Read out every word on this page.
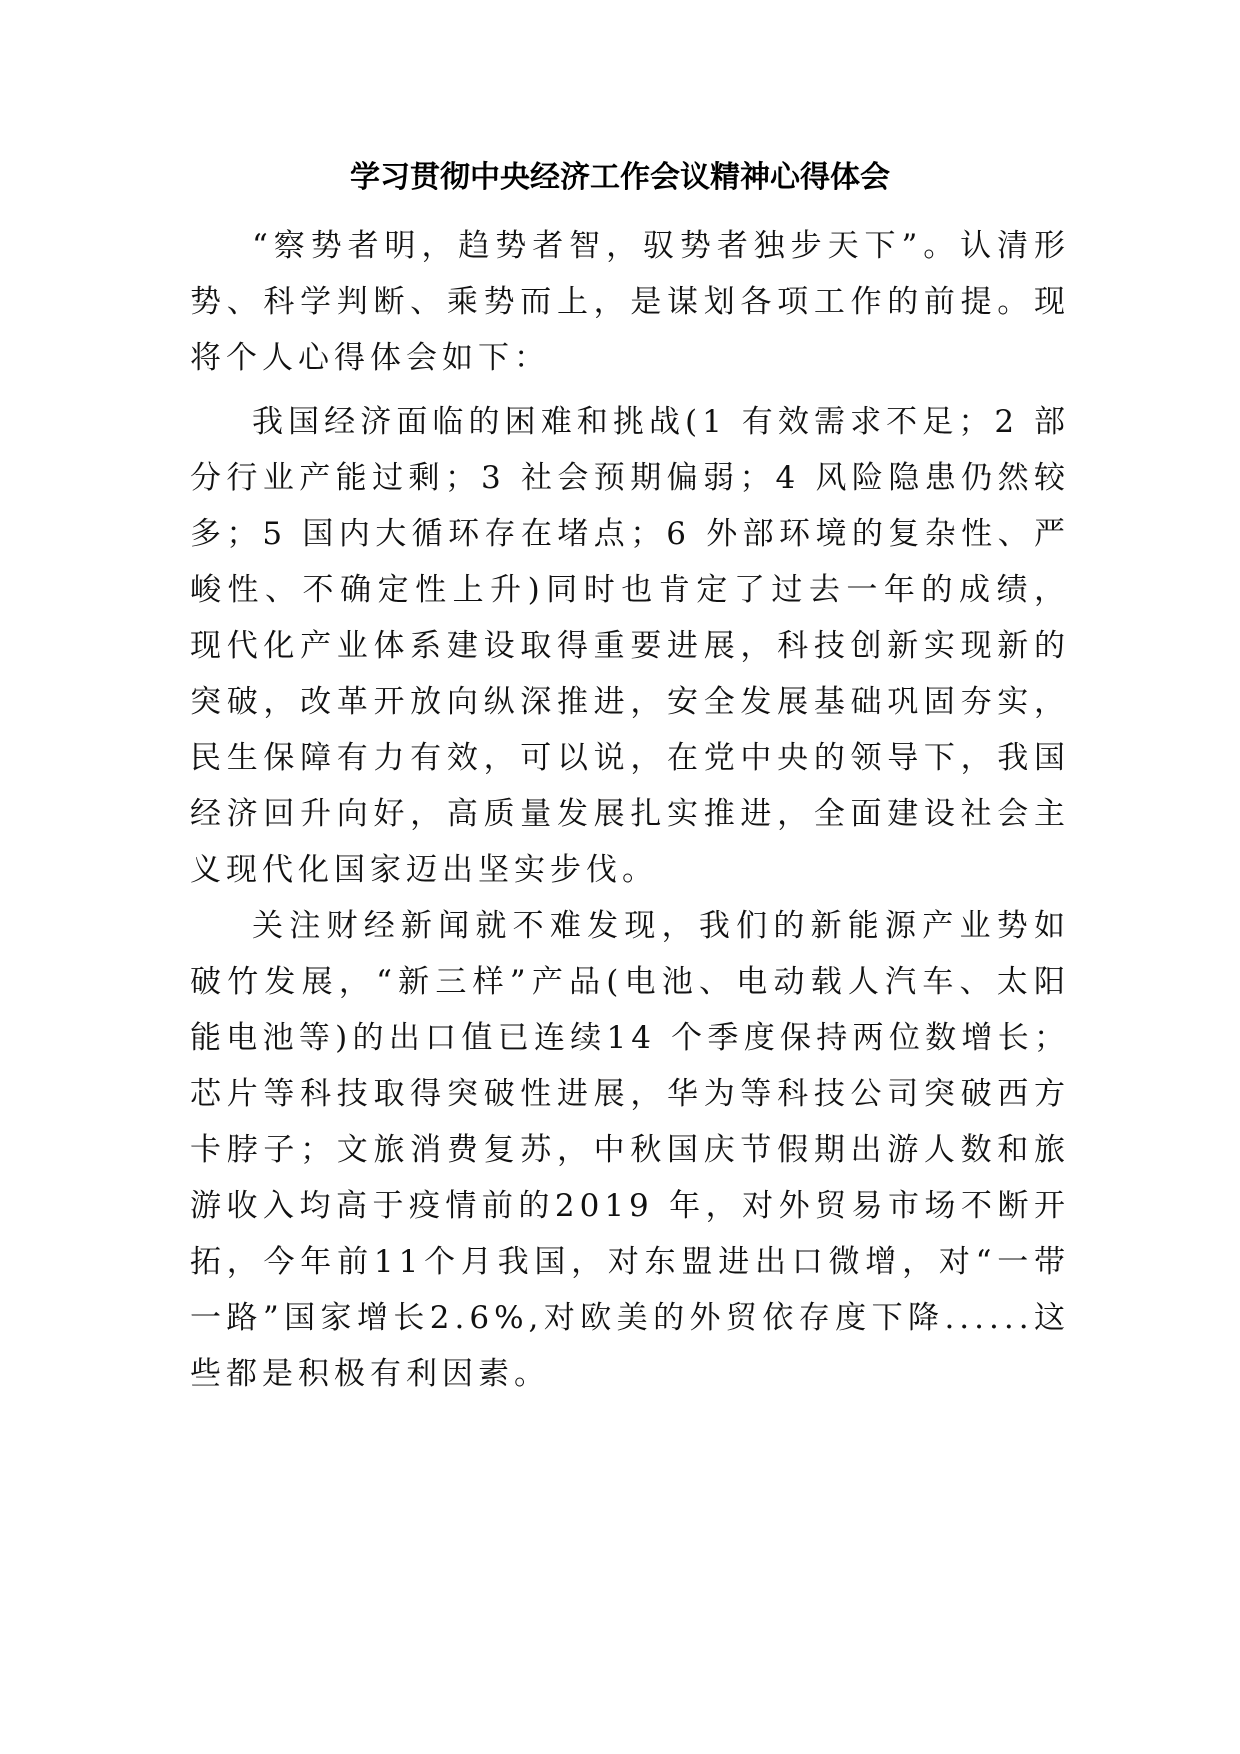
学习贯彻中央经济工作会议精神心得体会

“察势者明，趋势者智，驭势者独步天下”。认清形势、科学判断、乘势而上，是谋划各项工作的前提。现将个人心得体会如下：

我国经济面临的困难和挑战(1 有效需求不足；2 部分行业产能过剩；3 社会预期偏弱；4 风险隐患仍然较多；5 国内大循环存在堵点；6 外部环境的复杂性、严峻性、不确定性上升)同时也肯定了过去一年的成绩，现代化产业体系建设取得重要进展，科技创新实现新的突破，改革开放向纵深推进，安全发展基础巩固夯实，民生保障有力有效，可以说，在党中央的领导下，我国经济回升向好，高质量发展扎实推进，全面建设社会主义现代化国家迈出坚实步伐。

关注财经新闻就不难发现，我们的新能源产业势如破竹发展，“新三样”产品(电池、电动载人汽车、太阳能电池等)的出口值已连续14 个季度保持两位数增长；芯片等科技取得突破性进展，华为等科技公司突破西方卡脖子；文旅消费复苏，中秋国庆节假期出游人数和旅游收入均高于疫情前的2019 年，对外贸易市场不断开拓，今年前11个月我国，对东盟进出口微增，对“一带一路”国家增长2.6%,对欧美的外贸依存度下降......这些都是积极有利因素。
